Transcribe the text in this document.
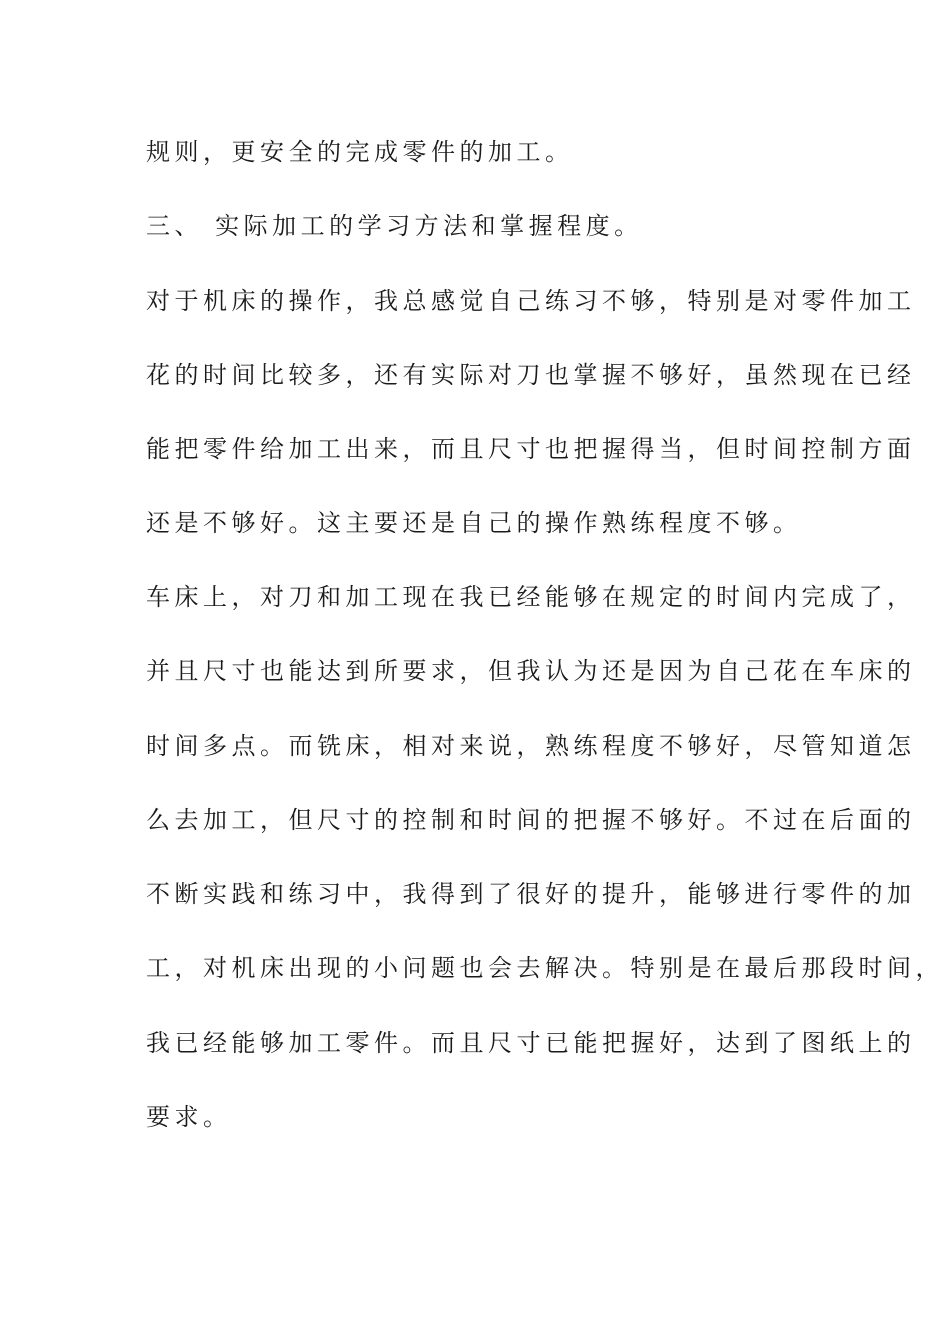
规则，更安全的完成零件的加工。
三、 实际加工的学习方法和掌握程度。
对于机床的操作，我总感觉自己练习不够，特别是对零件加工
花的时间比较多，还有实际对刀也掌握不够好，虽然现在已经
能把零件给加工出来，而且尺寸也把握得当，但时间控制方面
还是不够好。这主要还是自己的操作熟练程度不够。
车床上，对刀和加工现在我已经能够在规定的时间内完成了，
并且尺寸也能达到所要求，但我认为还是因为自己花在车床的
时间多点。而铣床，相对来说，熟练程度不够好，尽管知道怎
么去加工，但尺寸的控制和时间的把握不够好。不过在后面的
不断实践和练习中，我得到了很好的提升，能够进行零件的加
工，对机床出现的小问题也会去解决。特别是在最后那段时间，
我已经能够加工零件。而且尺寸已能把握好，达到了图纸上的
要求。
